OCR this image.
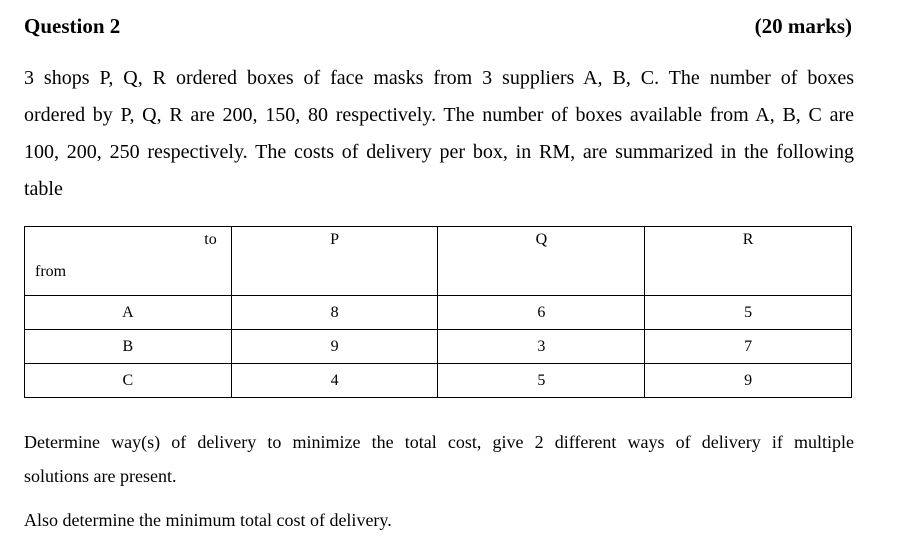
Question 2	(20 marks)
3 shops P, Q, R ordered boxes of face masks from 3 suppliers A, B, C. The number of boxes
ordered by P, Q, R are 200, 150, 80 respectively. The number of boxes available from A, B, C are
100, 200, 250 respectively. The costs of delivery per box, in RM, are summarized in the following
table
to
from	P	Q	R

A	8	6	5
B	9	3	7
C	4	5	9
Determine way(s) of delivery to minimize the total cost, give 2 different ways of delivery if multiple
solutions are present.
Also determine the minimum total cost of delivery.
